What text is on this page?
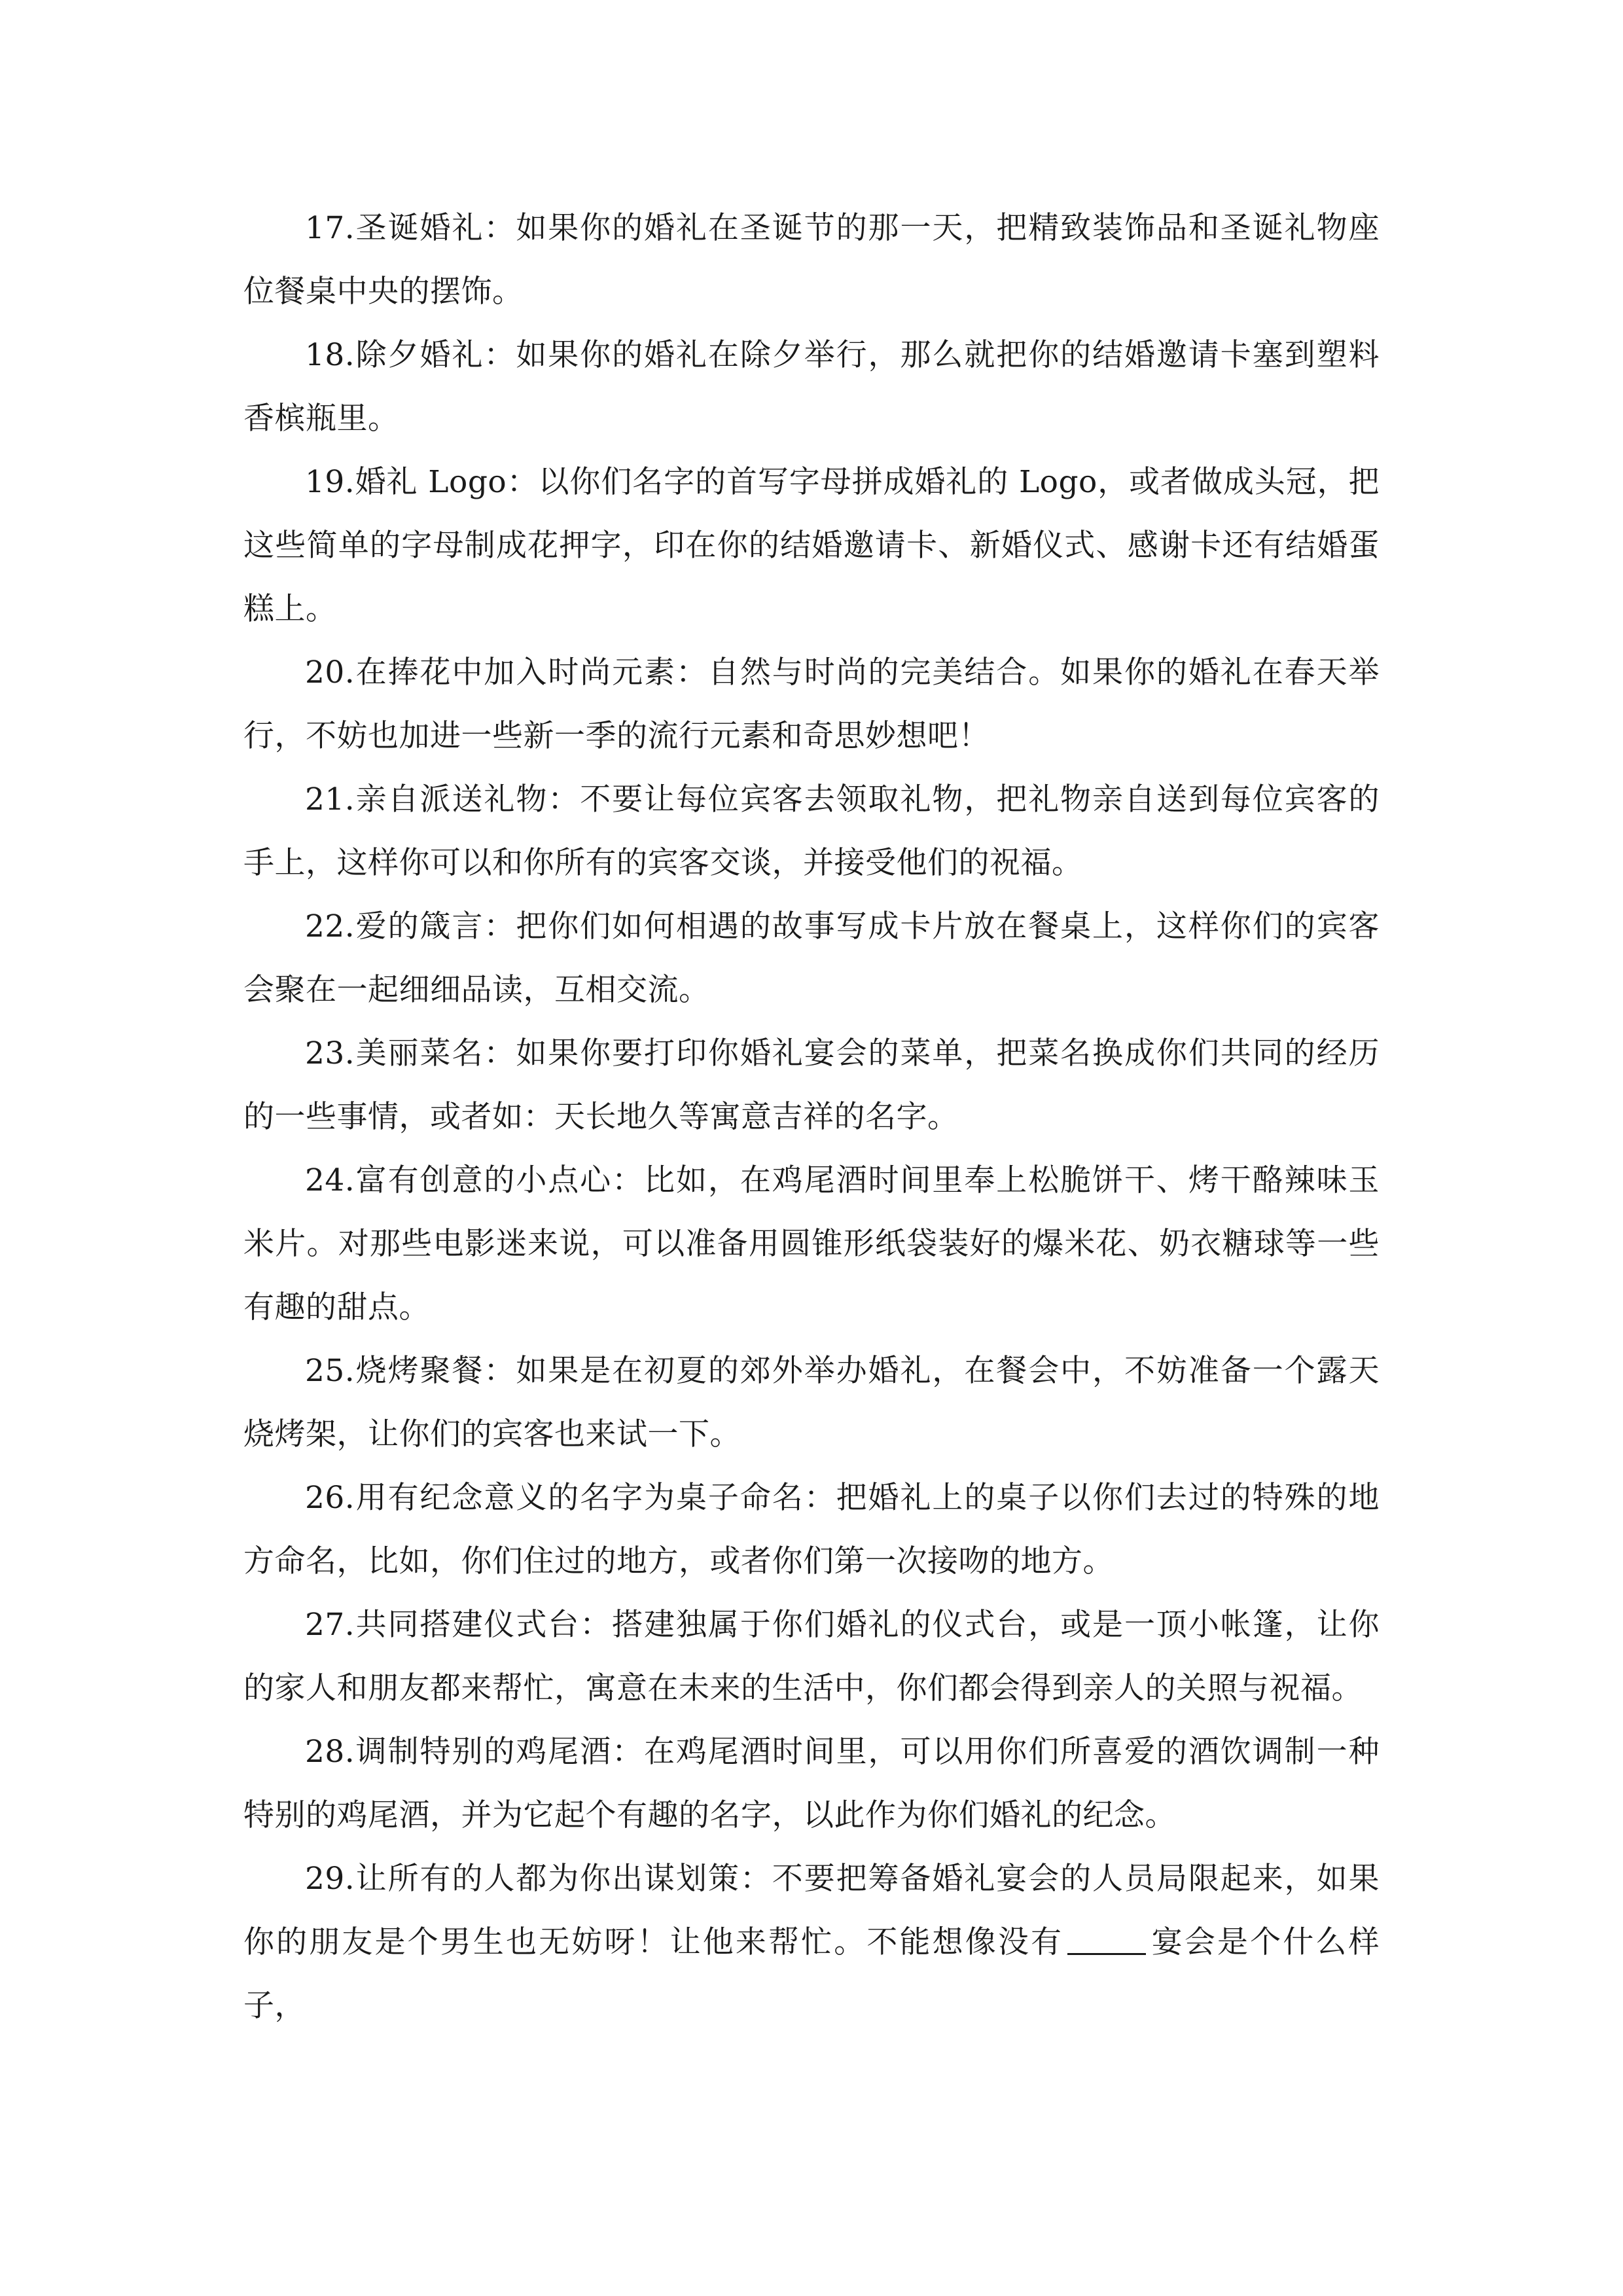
17.圣诞婚礼：如果你的婚礼在圣诞节的那一天，把精致装饰品和圣诞礼物座位餐桌中央的摆饰。

18.除夕婚礼：如果你的婚礼在除夕举行，那么就把你的结婚邀请卡塞到塑料香槟瓶里。

19.婚礼 Logo：以你们名字的首写字母拼成婚礼的 Logo，或者做成头冠，把这些简单的字母制成花押字，印在你的结婚邀请卡、新婚仪式、感谢卡还有结婚蛋糕上。

20.在捧花中加入时尚元素：自然与时尚的完美结合。如果你的婚礼在春天举行，不妨也加进一些新一季的流行元素和奇思妙想吧！

21.亲自派送礼物：不要让每位宾客去领取礼物，把礼物亲自送到每位宾客的手上，这样你可以和你所有的宾客交谈，并接受他们的祝福。

22.爱的箴言：把你们如何相遇的故事写成卡片放在餐桌上，这样你们的宾客会聚在一起细细品读，互相交流。

23.美丽菜名：如果你要打印你婚礼宴会的菜单，把菜名换成你们共同的经历的一些事情，或者如：天长地久等寓意吉祥的名字。

24.富有创意的小点心：比如，在鸡尾酒时间里奉上松脆饼干、烤干酪辣味玉米片。对那些电影迷来说，可以准备用圆锥形纸袋装好的爆米花、奶衣糖球等一些有趣的甜点。

25.烧烤聚餐：如果是在初夏的郊外举办婚礼，在餐会中，不妨准备一个露天烧烤架，让你们的宾客也来试一下。

26.用有纪念意义的名字为桌子命名：把婚礼上的桌子以你们去过的特殊的地方命名，比如，你们住过的地方，或者你们第一次接吻的地方。

27.共同搭建仪式台：搭建独属于你们婚礼的仪式台，或是一顶小帐篷，让你的家人和朋友都来帮忙，寓意在未来的生活中，你们都会得到亲人的关照与祝福。

28.调制特别的鸡尾酒：在鸡尾酒时间里，可以用你们所喜爱的酒饮调制一种特别的鸡尾酒，并为它起个有趣的名字，以此作为你们婚礼的纪念。

29.让所有的人都为你出谋划策：不要把筹备婚礼宴会的人员局限起来，如果你的朋友是个男生也无妨呀！让他来帮忙。不能想像没有	宴会是个什么样子，
